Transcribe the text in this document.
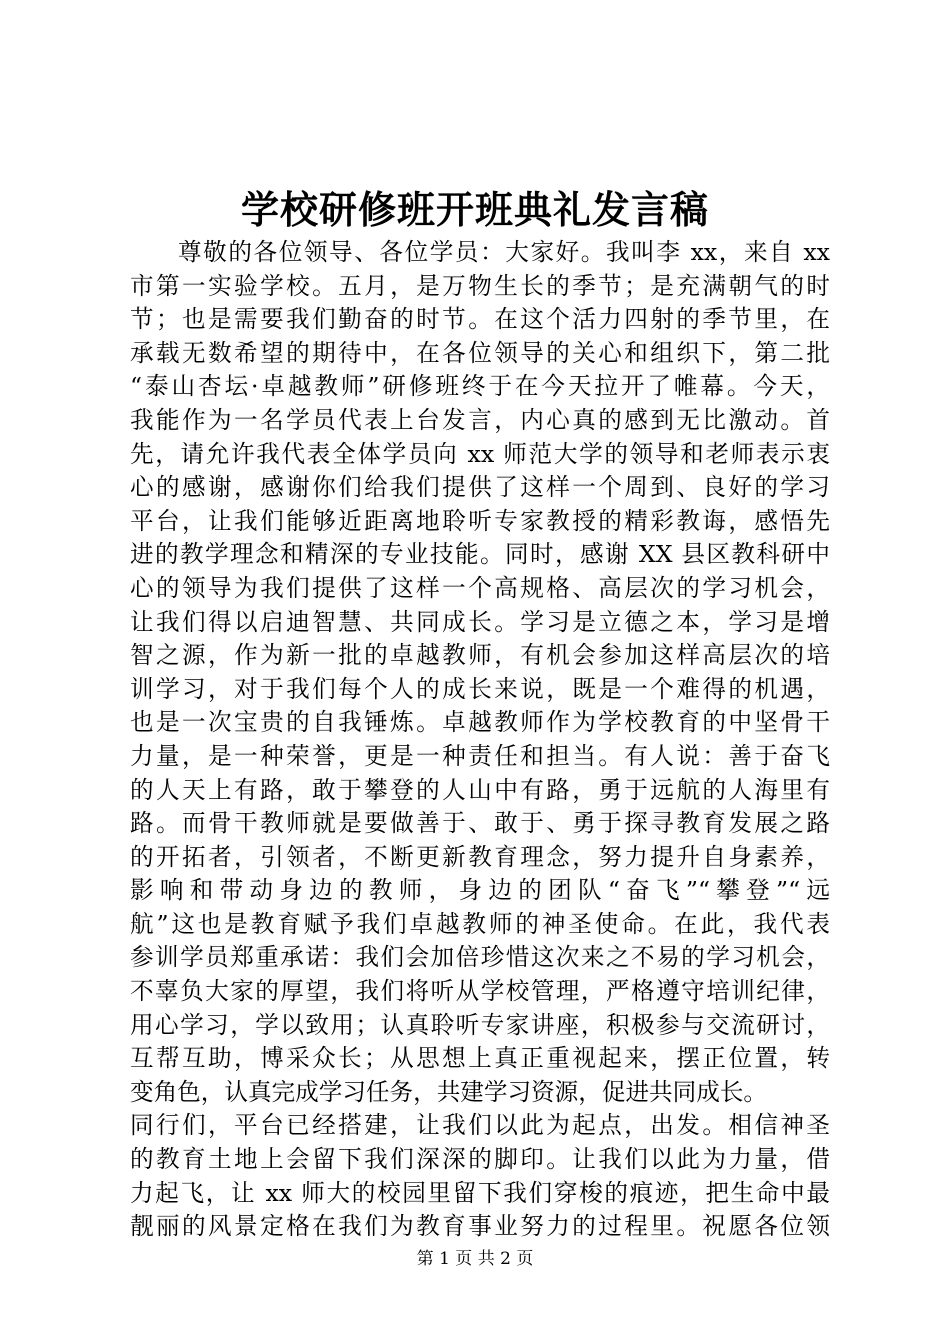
学校研修班开班典礼发言稿
尊敬的各位领导、各位学员：大家好。我叫李 xx，来自 xx
市第一实验学校。五月，是万物生长的季节；是充满朝气的时
节；也是需要我们勤奋的时节。在这个活力四射的季节里，在
承载无数希望的期待中，在各位领导的关心和组织下，第二批
“泰山杏坛·卓越教师”研修班终于在今天拉开了帷幕。今天，
我能作为一名学员代表上台发言，内心真的感到无比激动。首
先，请允许我代表全体学员向 xx 师范大学的领导和老师表示衷
心的感谢，感谢你们给我们提供了这样一个周到、良好的学习
平台，让我们能够近距离地聆听专家教授的精彩教诲，感悟先
进的教学理念和精深的专业技能。同时，感谢 XX 县区教科研中
心的领导为我们提供了这样一个高规格、高层次的学习机会，
让我们得以启迪智慧、共同成长。学习是立德之本，学习是增
智之源，作为新一批的卓越教师，有机会参加这样高层次的培
训学习，对于我们每个人的成长来说，既是一个难得的机遇，
也是一次宝贵的自我锤炼。卓越教师作为学校教育的中坚骨干
力量，是一种荣誉，更是一种责任和担当。有人说：善于奋飞
的人天上有路，敢于攀登的人山中有路，勇于远航的人海里有
路。而骨干教师就是要做善于、敢于、勇于探寻教育发展之路
的开拓者，引领者，不断更新教育理念，努力提升自身素养，
影响和带动身边的教师，身边的团队“奋飞”“攀登”“远
航”这也是教育赋予我们卓越教师的神圣使命。在此，我代表
参训学员郑重承诺：我们会加倍珍惜这次来之不易的学习机会，
不辜负大家的厚望，我们将听从学校管理，严格遵守培训纪律，
用心学习，学以致用；认真聆听专家讲座，积极参与交流研讨，
互帮互助，博采众长；从思想上真正重视起来，摆正位置，转
变角色，认真完成学习任务，共建学习资源，促进共同成长。
同行们，平台已经搭建，让我们以此为起点，出发。相信神圣
的教育土地上会留下我们深深的脚印。让我们以此为力量，借
力起飞，让 xx 师大的校园里留下我们穿梭的痕迹，把生命中最
靓丽的风景定格在我们为教育事业努力的过程里。祝愿各位领
第 1 页 共 2 页
